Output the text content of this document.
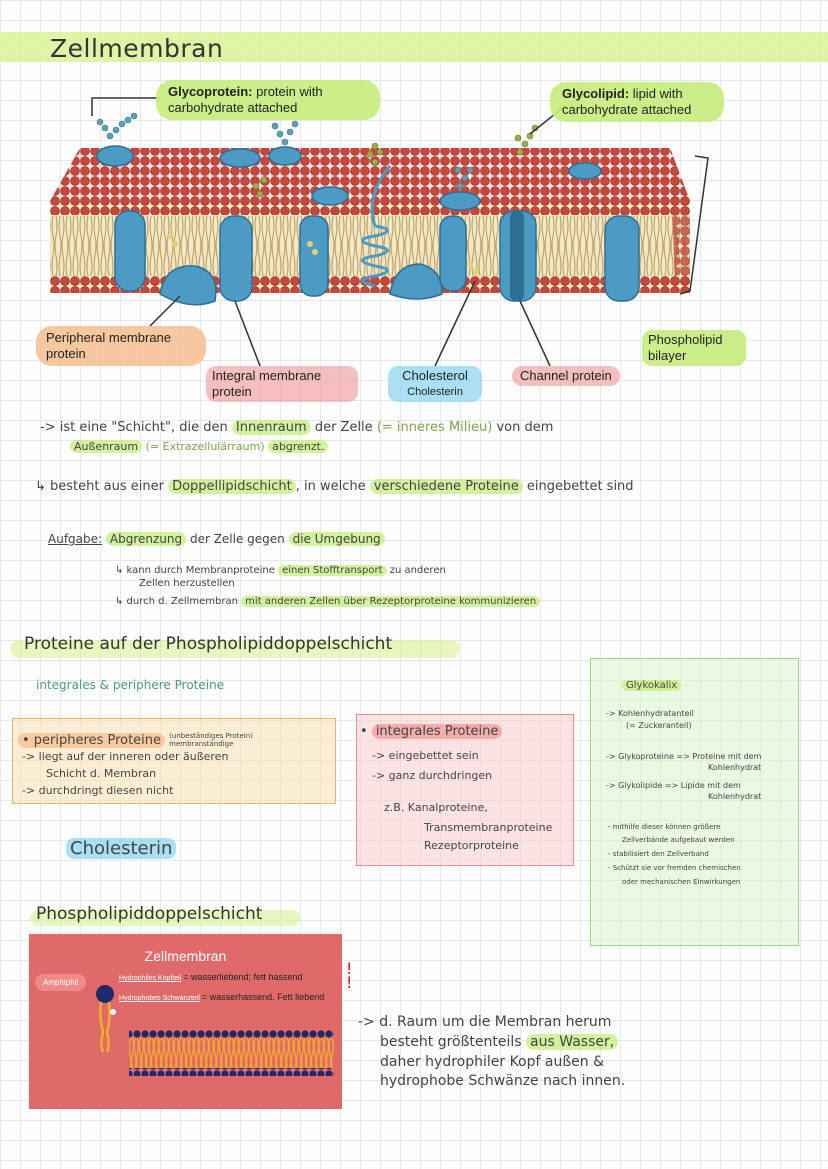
Zellmembran
Glycoprotein: protein with carbohydrate attached
Glycolipid: lipid with carbohydrate attached
Peripheral membrane protein
Integral membrane protein
Cholesterol
Cholesterin
Channel protein
Phospholipid bilayer
-> ist eine "Schicht", die den Innenraum der Zelle (= inneres Milieu) von dem
Außenraum (= Extrazellulärraum) abgrenzt.
↳ besteht aus einer Doppellipidschicht , in welche verschiedene Proteine eingebettet sind
Aufgabe: Abgrenzung der Zelle gegen die Umgebung
↳ kann durch Membranproteine einen Stofftransport zu anderen
Zellen herzustellen
↳ durch d. Zellmembran mit anderen Zellen über Rezeptorproteine kommunizieren
Proteine auf der Phospholipiddoppelschicht
integrales & periphere Proteine
• peripheres Proteine (unbeständiges Protein) membranständige
-> liegt auf der inneren oder äußeren
Schicht d. Membran
-> durchdringt diesen nicht
• integrales Proteine
-> eingebettet sein
-> ganz durchdringen
z.B. Kanalproteine,
Transmembranproteine
Rezeptorproteine
Cholesterin
Glykokalix
-> Kohlenhydratanteil
(= Zuckeranteil)
-> Glykoproteine => Proteine mit dem
Kohlenhydrat
-> Glykolipide => Lipide mit dem
Kohlenhydrat
- mithilfe dieser können größere
Zellverbände aufgebaut werden
- stabilisiert den Zellverband
- Schützt sie vor fremden chemischen
oder mechanischen Einwirkungen
Phospholipiddoppelschicht
Zellmembran
Amphiphil	Hydrophiles Kopfteil = wasserliebend; fett hassend
Hydrophobes Schwanzteil = wasserhassend. Fett liebend
!
!
-> d. Raum um die Membran herum
besteht größtenteils aus Wasser,
daher hydrophiler Kopf außen &
hydrophobe Schwänze nach innen.
